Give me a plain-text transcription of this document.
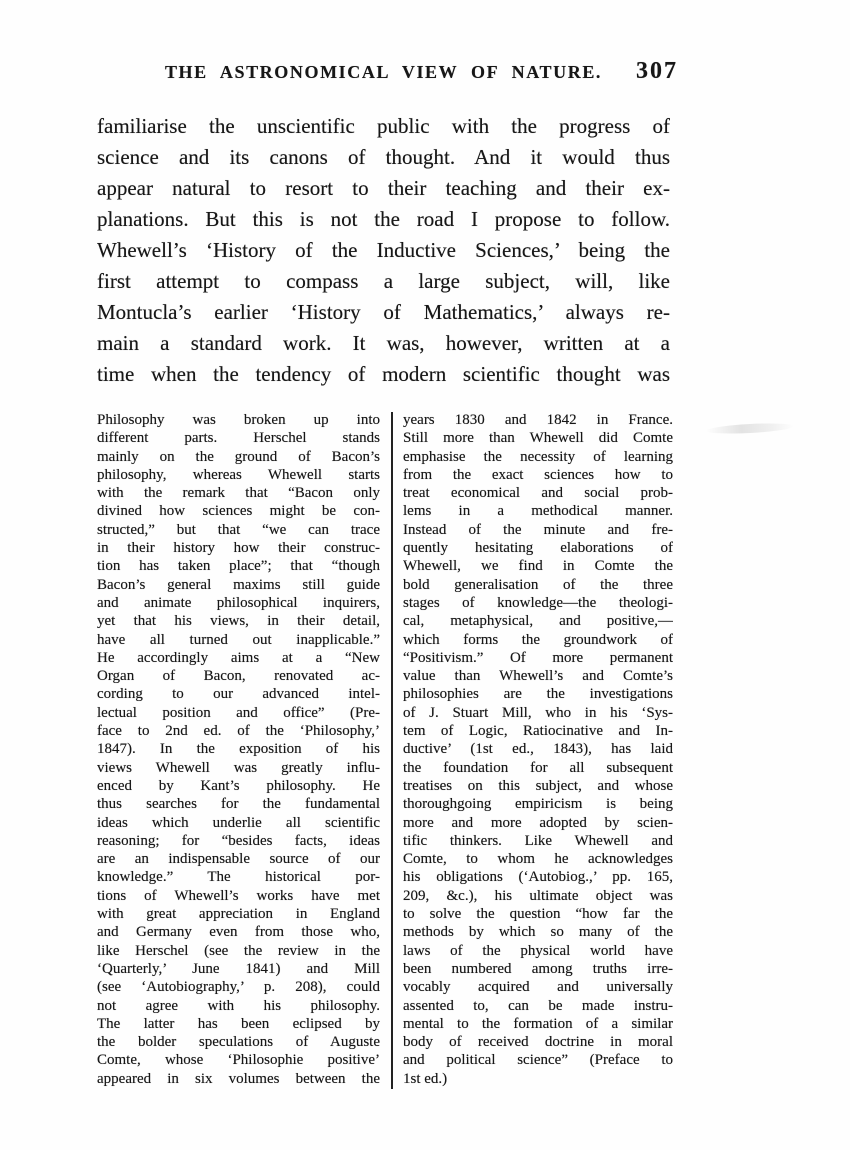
THE ASTRONOMICAL VIEW OF NATURE.	307
familiarise the unscientific public with the progress of
science and its canons of thought. And it would thus
appear natural to resort to their teaching and their ex-
planations. But this is not the road I propose to follow.
Whewell’s ‘History of the Inductive Sciences,’ being the
first attempt to compass a large subject, will, like
Montucla’s earlier ‘History of Mathematics,’ always re-
main a standard work. It was, however, written at a
time when the tendency of modern scientific thought was
Philosophy was broken up into
different parts. Herschel stands
mainly on the ground of Bacon’s
philosophy, whereas Whewell starts
with the remark that “Bacon only
divined how sciences might be con-
structed,” but that “we can trace
in their history how their construc-
tion has taken place”; that “though
Bacon’s general maxims still guide
and animate philosophical inquirers,
yet that his views, in their detail,
have all turned out inapplicable.”
He accordingly aims at a “New
Organ of Bacon, renovated ac-
cording to our advanced intel-
lectual position and office” (Pre-
face to 2nd ed. of the ‘Philosophy,’
1847). In the exposition of his
views Whewell was greatly influ-
enced by Kant’s philosophy. He
thus searches for the fundamental
ideas which underlie all scientific
reasoning; for “besides facts, ideas
are an indispensable source of our
knowledge.” The historical por-
tions of Whewell’s works have met
with great appreciation in England
and Germany even from those who,
like Herschel (see the review in the
‘Quarterly,’ June 1841) and Mill
(see ‘Autobiography,’ p. 208), could
not agree with his philosophy.
The latter has been eclipsed by
the bolder speculations of Auguste
Comte, whose ‘Philosophie positive’
appeared in six volumes between the
years 1830 and 1842 in France.
Still more than Whewell did Comte
emphasise the necessity of learning
from the exact sciences how to
treat economical and social prob-
lems in a methodical manner.
Instead of the minute and fre-
quently hesitating elaborations of
Whewell, we find in Comte the
bold generalisation of the three
stages of knowledge—the theologi-
cal, metaphysical, and positive,—
which forms the groundwork of
“Positivism.” Of more permanent
value than Whewell’s and Comte’s
philosophies are the investigations
of J. Stuart Mill, who in his ‘Sys-
tem of Logic, Ratiocinative and In-
ductive’ (1st ed., 1843), has laid
the foundation for all subsequent
treatises on this subject, and whose
thoroughgoing empiricism is being
more and more adopted by scien-
tific thinkers. Like Whewell and
Comte, to whom he acknowledges
his obligations (‘Autobiog.,’ pp. 165,
209, &c.), his ultimate object was
to solve the question “how far the
methods by which so many of the
laws of the physical world have
been numbered among truths irre-
vocably acquired and universally
assented to, can be made instru-
mental to the formation of a similar
body of received doctrine in moral
and political science” (Preface to
1st ed.)
